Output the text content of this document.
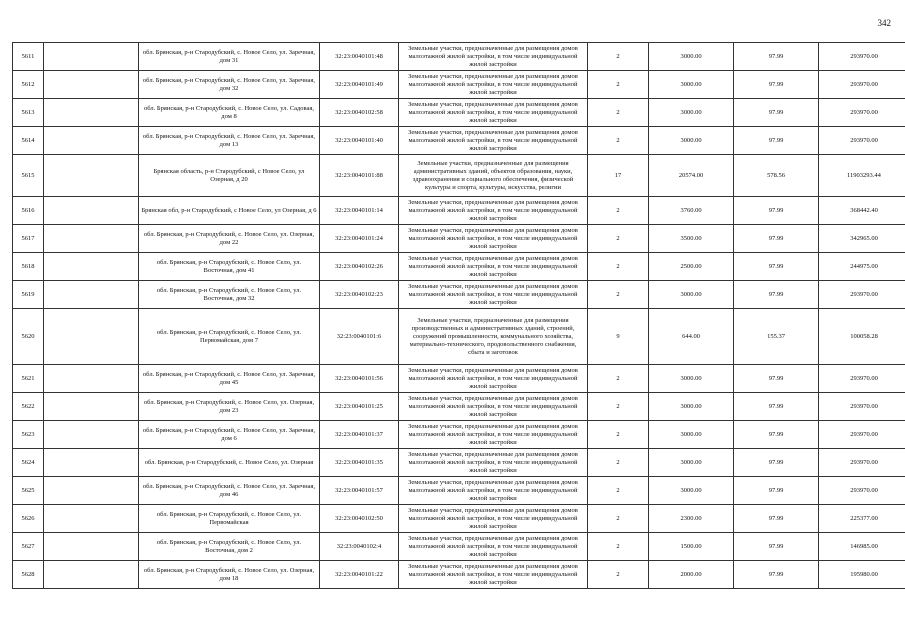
342
5611		обл. Брянская, р-н Стародубский, с. Новое Село, ул. Заречная, дом 31	32:23:0040101:48	Земельные участки, предназначенные для размещения домов малоэтажной жилой застройки, в том числе индивидуальной жилой застройки	2	3000.00	97.99	293970.00
5612		обл. Брянская, р-н Стародубский, с. Новое Село, ул. Заречная, дом 32	32:23:0040101:49	Земельные участки, предназначенные для размещения домов малоэтажной жилой застройки, в том числе индивидуальной жилой застройки	2	3000.00	97.99	293970.00
5613		обл. Брянская, р-н Стародубский, с. Новое Село, ул. Садовая, дом 8	32:23:0040102:58	Земельные участки, предназначенные для размещения домов малоэтажной жилой застройки, в том числе индивидуальной жилой застройки	2	3000.00	97.99	293970.00
5614		обл. Брянская, р-н Стародубский, с. Новое Село, ул. Заречная, дом 13	32:23:0040101:40	Земельные участки, предназначенные для размещения домов малоэтажной жилой застройки, в том числе индивидуальной жилой застройки	2	3000.00	97.99	293970.00
5615		Брянская область, р-н Стародубский, с Новое Село, ул Озерная, д 20	32:23:0040101:88	Земельные участки, предназначенные для размещения административных зданий, объектов образования, науки, здравоохранения и социального обеспечения, физической культуры и спорта, культуры, искусства, религии	17	20574.00	578.56	11903293.44
5616		Брянская обл, р-н Стародубский, с Новое Село, ул Озерная, д 6	32:23:0040101:14	Земельные участки, предназначенные для размещения домов малоэтажной жилой застройки, в том числе индивидуальной жилой застройки	2	3760.00	97.99	368442.40
5617		обл. Брянская, р-н Стародубский, с. Новое Село, ул. Озерная, дом 22	32:23:0040101:24	Земельные участки, предназначенные для размещения домов малоэтажной жилой застройки, в том числе индивидуальной жилой застройки	2	3500.00	97.99	342965.00
5618		обл. Брянская, р-н Стародубский, с. Новое Село, ул. Восточная, дом 41	32:23:0040102:26	Земельные участки, предназначенные для размещения домов малоэтажной жилой застройки, в том числе индивидуальной жилой застройки	2	2500.00	97.99	244975.00
5619		обл. Брянская, р-н Стародубский, с. Новое Село, ул. Восточная, дом 32	32:23:0040102:23	Земельные участки, предназначенные для размещения домов малоэтажной жилой застройки, в том числе индивидуальной жилой застройки	2	3000.00	97.99	293970.00
5620		обл. Брянская, р-н Стародубский, с. Новое Село, ул. Первомайская, дом 7	32:23:0040101:6	Земельные участки, предназначенные для размещения производственных и административных зданий, строений, сооружений промышленности, коммунального хозяйства, материально-технического, продовольственного снабжения, сбыта и заготовок	9	644.00	155.37	100058.28
5621		обл. Брянская, р-н Стародубский, с. Новое Село, ул. Заречная, дом 45	32:23:0040101:56	Земельные участки, предназначенные для размещения домов малоэтажной жилой застройки, в том числе индивидуальной жилой застройки	2	3000.00	97.99	293970.00
5622		обл. Брянская, р-н Стародубский, с. Новое Село, ул. Озерная, дом 23	32:23:0040101:25	Земельные участки, предназначенные для размещения домов малоэтажной жилой застройки, в том числе индивидуальной жилой застройки	2	3000.00	97.99	293970.00
5623		обл. Брянская, р-н Стародубский, с. Новое Село, ул. Заречная, дом 6	32:23:0040101:37	Земельные участки, предназначенные для размещения домов малоэтажной жилой застройки, в том числе индивидуальной жилой застройки	2	3000.00	97.99	293970.00
5624		обл. Брянская, р-н Стародубский, с. Новое Село, ул. Озерная	32:23:0040101:35	Земельные участки, предназначенные для размещения домов малоэтажной жилой застройки, в том числе индивидуальной жилой застройки	2	3000.00	97.99	293970.00
5625		обл. Брянская, р-н Стародубский, с. Новое Село, ул. Заречная, дом 46	32:23:0040101:57	Земельные участки, предназначенные для размещения домов малоэтажной жилой застройки, в том числе индивидуальной жилой застройки	2	3000.00	97.99	293970.00
5626		обл. Брянская, р-н Стародубский, с. Новое Село, ул. Первомайская	32:23:0040102:50	Земельные участки, предназначенные для размещения домов малоэтажной жилой застройки, в том числе индивидуальной жилой застройки	2	2300.00	97.99	225377.00
5627		обл. Брянская, р-н Стародубский, с. Новое Село, ул. Восточная, дом 2	32:23:0040102:4	Земельные участки, предназначенные для размещения домов малоэтажной жилой застройки, в том числе индивидуальной жилой застройки	2	1500.00	97.99	146985.00
5628		обл. Брянская, р-н Стародубский, с. Новое Село, ул. Озерная, дом 18	32:23:0040101:22	Земельные участки, предназначенные для размещения домов малоэтажной жилой застройки, в том числе индивидуальной жилой застройки	2	2000.00	97.99	195980.00
